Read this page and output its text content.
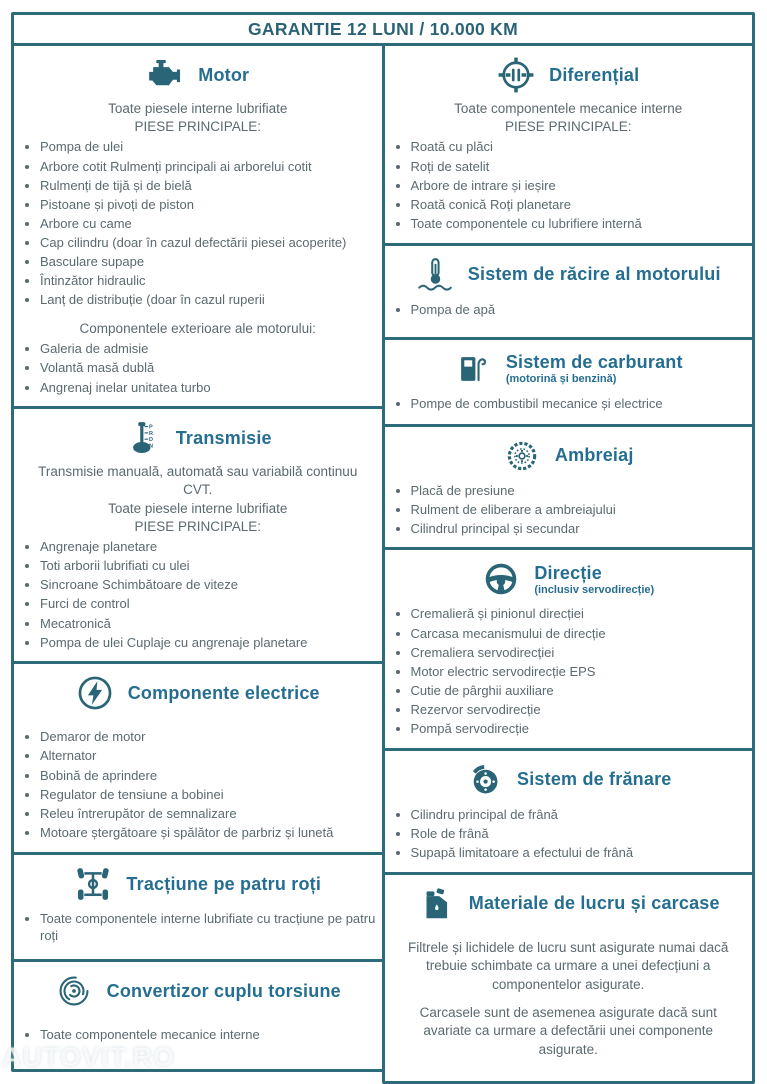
GARANTIE 12 LUNI / 10.000 KM
Motor
Toate piesele interne lubrifiate
PIESE PRINCIPALE:
• Pompa de ulei
• Arbore cotit Rulmenți principali ai arborelui cotit
• Rulmenți de tijă și de bielă
• Pistoane și pivoți de piston
• Arbore cu came
• Cap cilindru (doar în cazul defectării piesei acoperite)
• Basculare supape
• Întinzător hidraulic
• Lanț de distribuție (doar în cazul ruperii
Componentele exterioare ale motorului:
• Galeria de admisie
• Volantă masă dublă
• Angrenaj inelar unitatea turbo
P
R
D
N Transmisie
Transmisie manuală, automată sau variabilă continuu CVT.
Toate piesele interne lubrifiate
PIESE PRINCIPALE:
• Angrenaje planetare
• Toti arborii lubrifiati cu ulei
• Sincroane Schimbătoare de viteze
• Furci de control
• Mecatronică
• Pompa de ulei Cuplaje cu angrenaje planetare
Componente electrice
• Demaror de motor
• Alternator
• Bobină de aprindere
• Regulator de tensiune a bobinei
• Releu întrerupător de semnalizare
• Motoare ștergătoare și spălător de parbriz și lunetă
Tracțiune pe patru roți
• Toate componentele interne lubrifiate cu tracțiune pe patru roți
Convertizor cuplu torsiune
• Toate componentele mecanice interne
Diferențial
Toate componentele mecanice interne
PIESE PRINCIPALE:
• Roată cu plăci
• Roți de satelit
• Arbore de intrare și ieșire
• Roată conică Roți planetare
• Toate componentele cu lubrifiere internă
Sistem de răcire al motorului
• Pompa de apă
Sistem de carburant
(motorină și benzină)
• Pompe de combustibil mecanice și electrice
Ambreiaj
• Placă de presiune
• Rulment de eliberare a ambreiajului
• Cilindrul principal și secundar
Direcție
(inclusiv servodirecție)
• Cremalieră și pinionul direcției
• Carcasa mecanismului de direcție
• Cremaliera servodirecției
• Motor electric servodirecție EPS
• Cutie de pârghii auxiliare
• Rezervor servodirecție
• Pompă servodirecție
Sistem de frănare
• Cilindru principal de frână
• Role de frână
• Supapă limitatoare a efectului de frână
Materiale de lucru și carcase

Filtrele și lichidele de lucru sunt asigurate numai dacă trebuie schimbate ca urmare a unei defecțiuni a componentelor asigurate.

Carcasele sunt de asemenea asigurate dacă sunt avariate ca urmare a defectării unei componente asigurate.

AUTOVIT.RO
